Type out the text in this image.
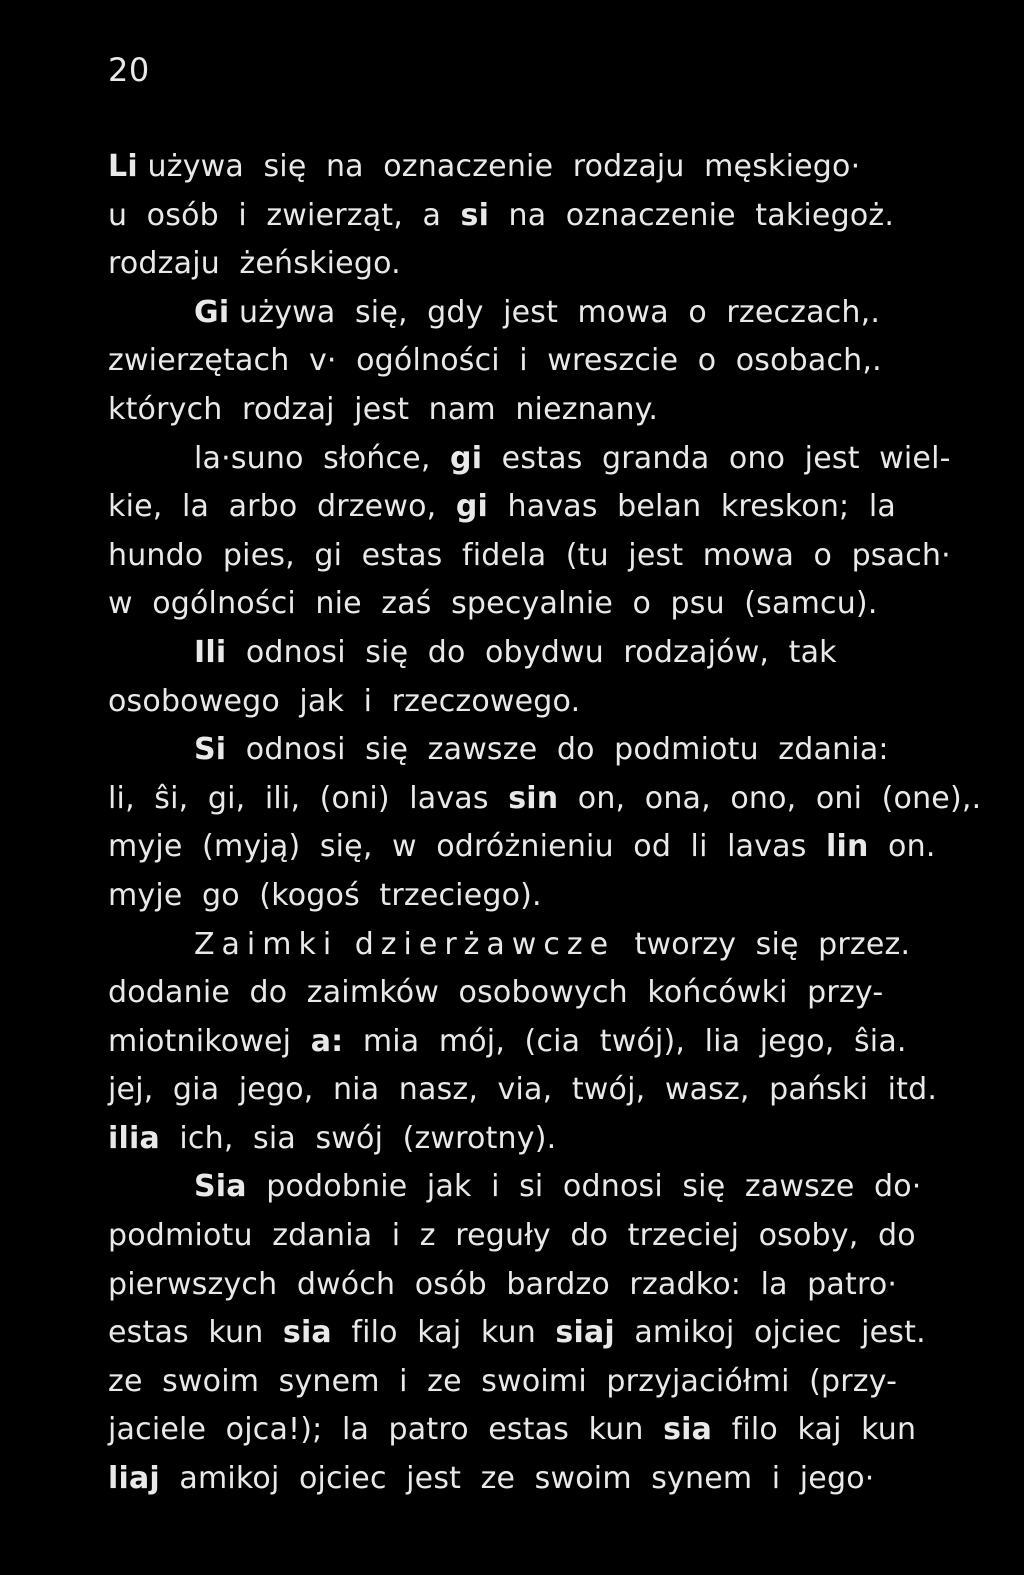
20
Li używa  się  na  oznaczenie  rodzaju  męskiego·
u  osób  i  zwierząt,  a  si  na  oznaczenie  takiegoż.
rodzaju  żeńskiego.
Gi używa  się,  gdy  jest  mowa  o  rzeczach,.
zwierzętach  v·  ogólności  i  wreszcie  o  osobach,.
których  rodzaj  jest  nam  nieznany.
la·suno  słońce,  gi  estas  granda  ono  jest  wiel-
kie,  la  arbo  drzewo,  gi  havas  belan  kreskon;  la
hundo  pies,  gi  estas  fidela  (tu  jest  mowa  o  psach·
w  ogólności  nie  zaś  specyalnie  o  psu  (samcu).
Ili  odnosi  się  do  obydwu  rodzajów,  tak
osobowego  jak  i  rzeczowego.
Si  odnosi  się  zawsze  do  podmiotu  zdania:
li,  ŝi,  gi,  ili,  (oni)  lavas  sin  on,  ona,  ono,  oni  (one),.
myje  (myją)  się,  w  odróżnieniu  od  li  lavas  lin  on.
myje  go  (kogoś  trzeciego).
Zaimki dzierżawcze  tworzy  się  przez.
dodanie  do  zaimków  osobowych  końcówki  przy-
miotnikowej  a:  mia  mój,  (cia  twój),  lia  jego,  ŝia.
jej,  gia  jego,  nia  nasz,  via,  twój,  wasz,  pański  itd.
ilia  ich,  sia  swój  (zwrotny).
Sia  podobnie  jak  i  si  odnosi  się  zawsze  do·
podmiotu  zdania  i  z  reguły  do  trzeciej  osoby,  do
pierwszych  dwóch  osób  bardzo  rzadko:  la  patro·
estas  kun  sia  filo  kaj  kun  siaj  amikoj  ojciec  jest.
ze  swoim  synem  i  ze  swoimi  przyjaciółmi  (przy-
jaciele  ojca!);  la  patro  estas  kun  sia  filo  kaj  kun
liaj  amikoj  ojciec  jest  ze  swoim  synem  i  jego·
